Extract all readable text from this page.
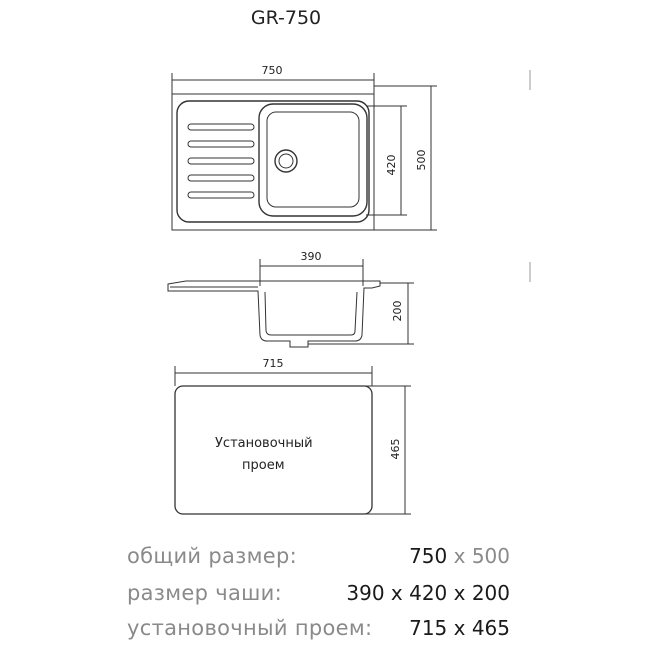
GR-750
750
420 500
390
200
715
465
Установочный
проем
общий размер:	750 x 500
размер чаши:	390 x 420 x 200
установочный проем: 715 x 465
